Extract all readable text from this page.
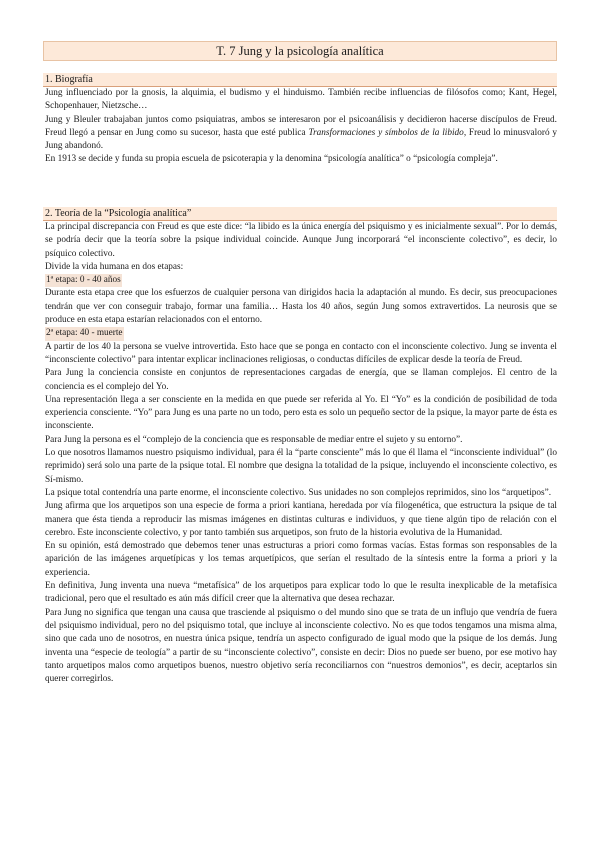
T. 7 Jung y la psicología analítica
1. Biografía

Jung influenciado por la gnosis, la alquimia, el budismo y el hinduismo. También recibe influencias de filósofos como; Kant, Hegel, Schopenhauer, Nietzsche…

Jung y Bleuler trabajaban juntos como psiquiatras, ambos se interesaron por el psicoanálisis y decidieron hacerse discípulos de Freud. Freud llegó a pensar en Jung como su sucesor, hasta que esté publica Transformaciones y símbolos de la libido, Freud lo minusvaloró y Jung abandonó.

En 1913 se decide y funda su propia escuela de psicoterapia y la denomina “psicología analítica” o “psicología compleja”.

2. Teoría de la “Psicología analítica”

La principal discrepancia con Freud es que este dice: “la libido es la única energía del psiquismo y es inicialmente sexual”. Por lo demás, se podría decir que la teoría sobre la psique individual coincide. Aunque Jung incorporará “el inconsciente colectivo”, es decir, lo psíquico colectivo.

Divide la vida humana en dos etapas:

1ª etapa: 0 - 40 años

Durante esta etapa cree que los esfuerzos de cualquier persona van dirigidos hacia la adaptación al mundo. Es decir, sus preocupaciones tendrán que ver con conseguir trabajo, formar una familia… Hasta los 40 años, según Jung somos extravertidos. La neurosis que se produce en esta etapa estarían relacionados con el entorno.

2ª etapa: 40 - muerte

A partir de los 40 la persona se vuelve introvertida. Esto hace que se ponga en contacto con el inconsciente colectivo. Jung se inventa el “inconsciente colectivo” para intentar explicar inclinaciones religiosas, o conductas difíciles de explicar desde la teoría de Freud.

Para Jung la conciencia consiste en conjuntos de representaciones cargadas de energía, que se llaman complejos. El centro de la conciencia es el complejo del Yo.

Una representación llega a ser consciente en la medida en que puede ser referida al Yo. El “Yo” es la condición de posibilidad de toda experiencia consciente. “Yo” para Jung es una parte no un todo, pero esta es solo un pequeño sector de la psique, la mayor parte de ésta es inconsciente.

Para Jung la persona es el “complejo de la conciencia que es responsable de mediar entre el sujeto y su entorno”.

Lo que nosotros llamamos nuestro psiquismo individual, para él la “parte consciente” más lo que él llama el “inconsciente individual” (lo reprimido) será solo una parte de la psique total. El nombre que designa la totalidad de la psique, incluyendo el inconsciente colectivo, es Sí-mismo.

La psique total contendría una parte enorme, el inconsciente colectivo. Sus unidades no son complejos reprimidos, sino los “arquetipos”.

Jung afirma que los arquetipos son una especie de forma a priori kantiana, heredada por vía filogenética, que estructura la psique de tal manera que ésta tienda a reproducir las mismas imágenes en distintas culturas e individuos, y que tiene algún tipo de relación con el cerebro. Este inconsciente colectivo, y por tanto también sus arquetipos, son fruto de la historia evolutiva de la Humanidad.

En su opinión, está demostrado que debemos tener unas estructuras a priori como formas vacías. Estas formas son responsables de la aparición de las imágenes arquetípicas y los temas arquetípicos, que serían el resultado de la síntesis entre la forma a priori y la experiencia.

En definitiva, Jung inventa una nueva “metafísica” de los arquetipos para explicar todo lo que le resulta inexplicable de la metafísica tradicional, pero que el resultado es aún más difícil creer que la alternativa que desea rechazar.

Para Jung no significa que tengan una causa que trasciende al psiquismo o del mundo sino que se trata de un influjo que vendría de fuera del psiquismo individual, pero no del psiquismo total, que incluye al inconsciente colectivo. No es que todos tengamos una misma alma, sino que cada uno de nosotros, en nuestra única psique, tendría un aspecto configurado de igual modo que la psique de los demás. Jung inventa una “especie de teología” a partir de su “inconsciente colectivo”, consiste en decir: Dios no puede ser bueno, por ese motivo hay tanto arquetipos malos como arquetipos buenos, nuestro objetivo sería reconciliarnos con “nuestros demonios”, es decir, aceptarlos sin querer corregirlos.
